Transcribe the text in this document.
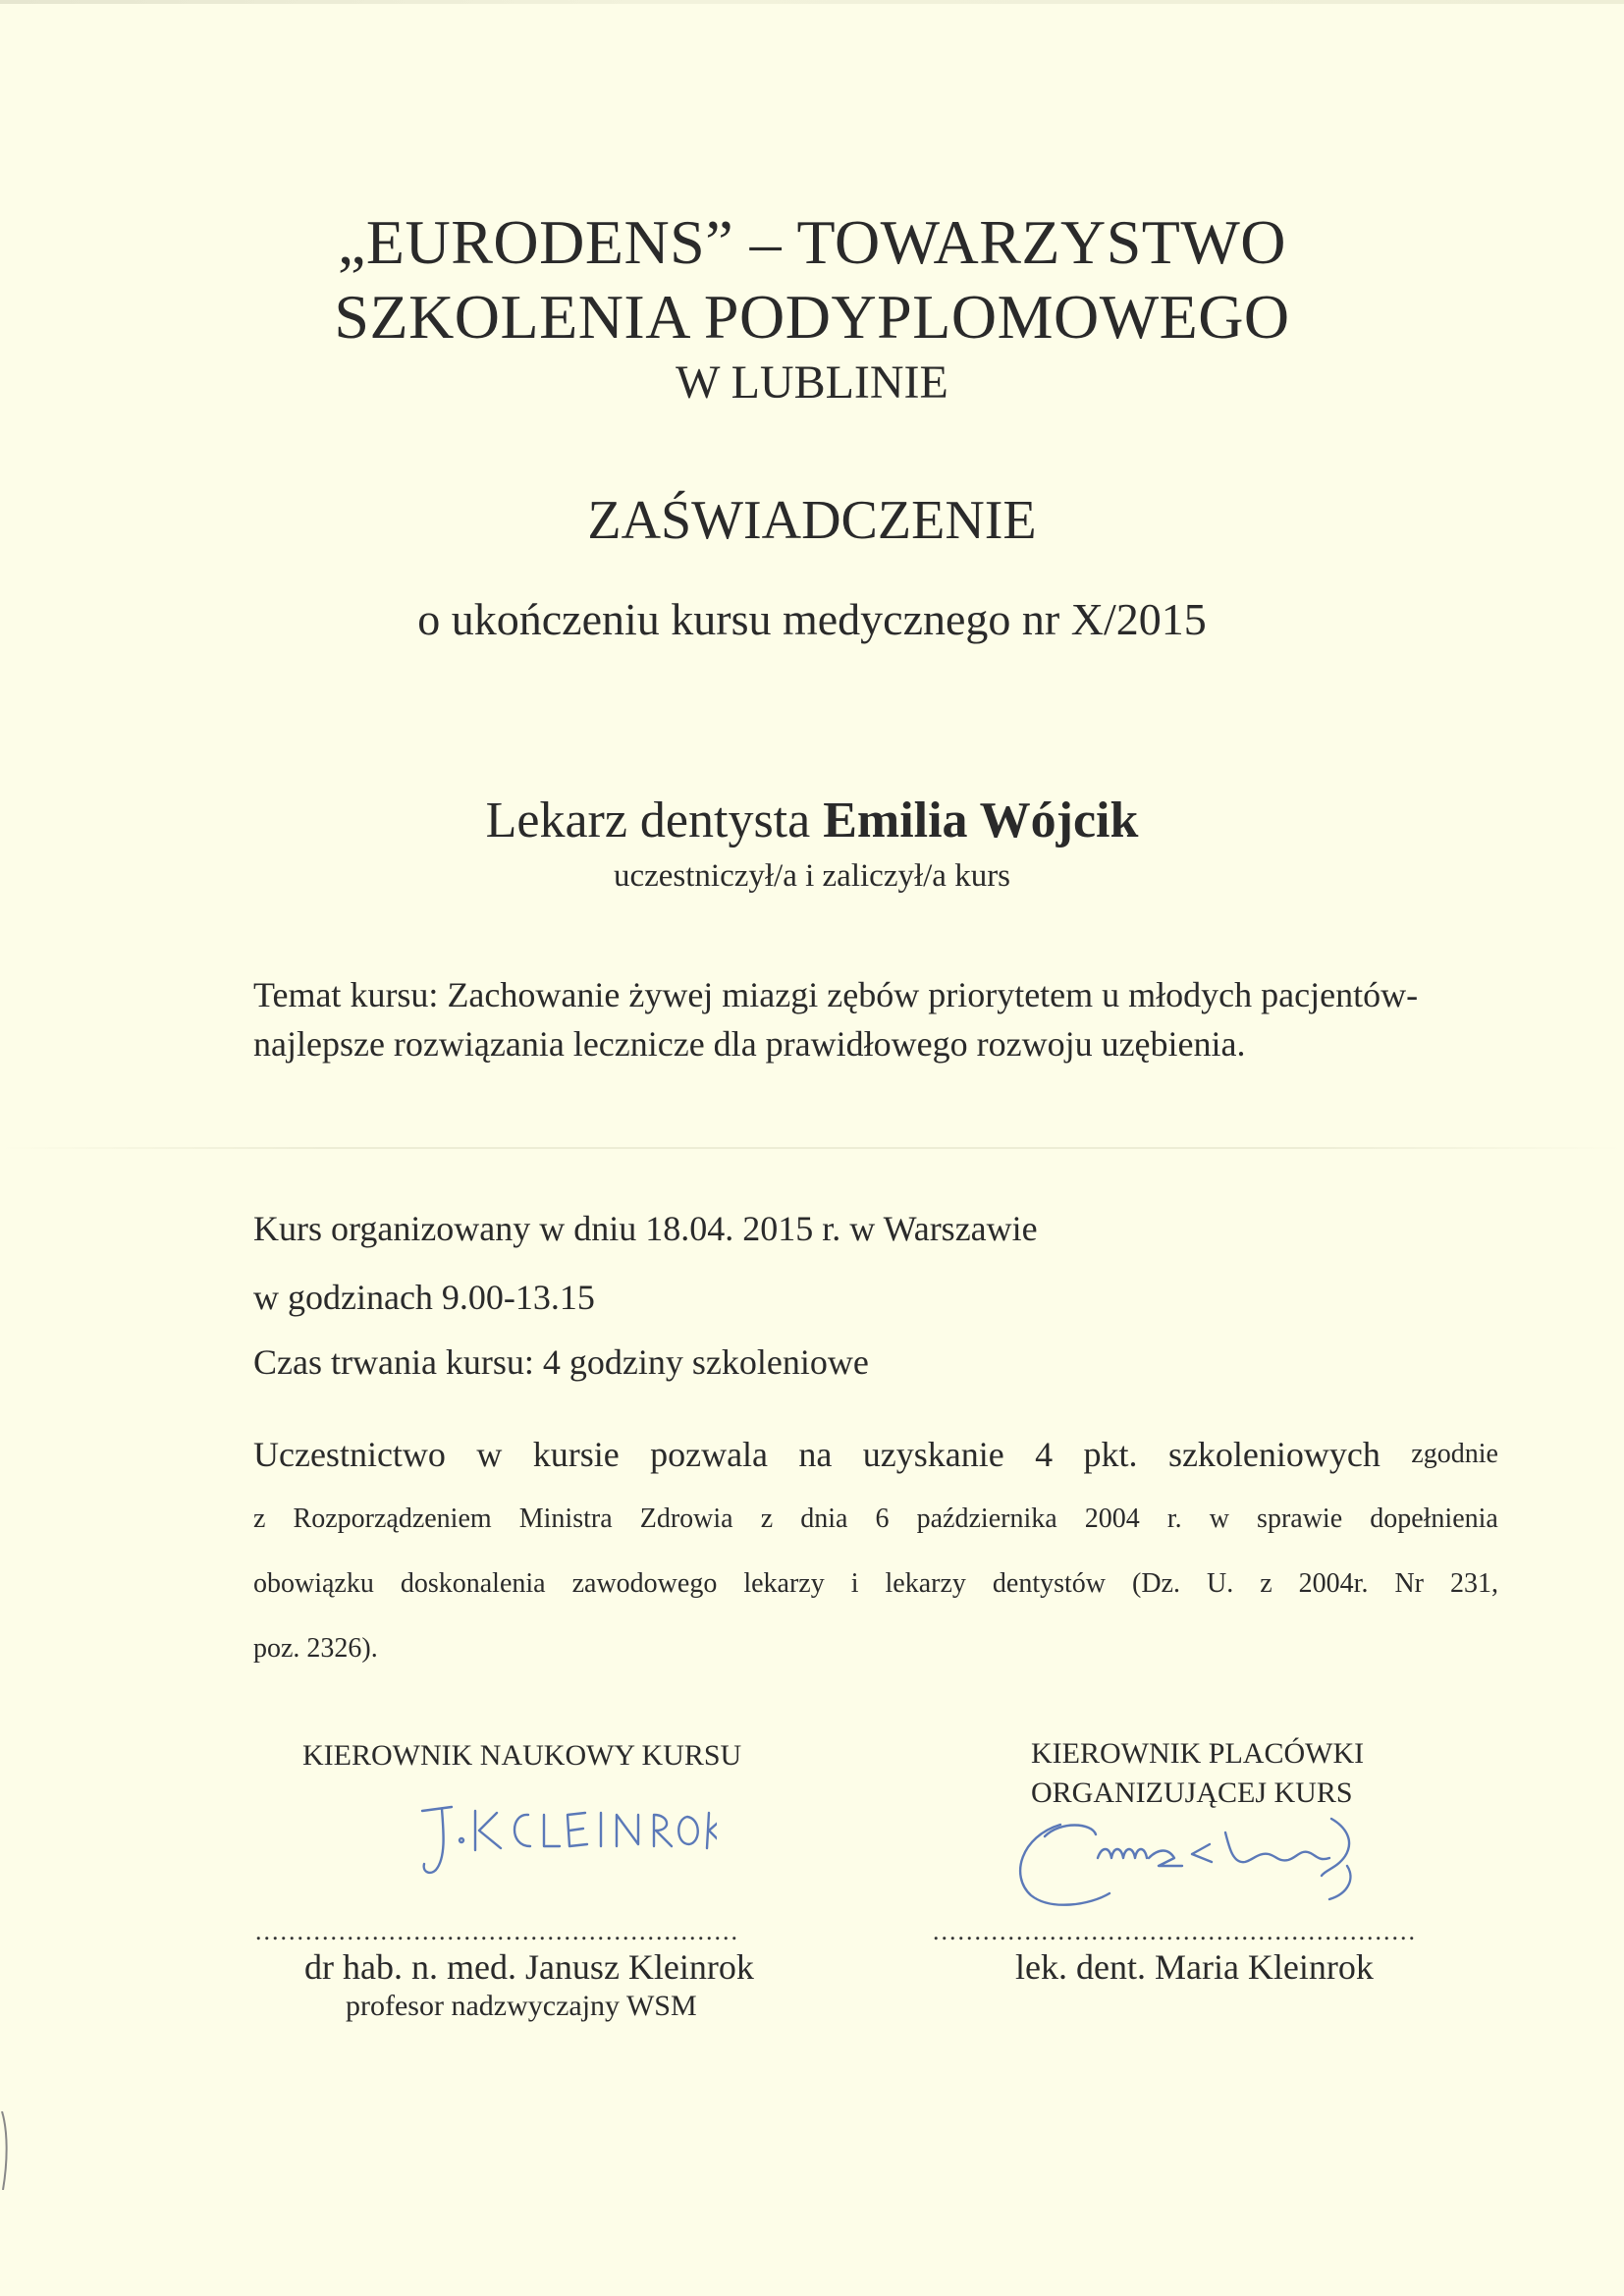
„EURODENS” – TOWARZYSTWO
SZKOLENIA PODYPLOMOWEGO
W LUBLINIE
ZAŚWIADCZENIE
o ukończeniu kursu medycznego nr X/2015
Lekarz dentysta Emilia Wójcik
uczestniczył/a i zaliczył/a kurs
Temat kursu: Zachowanie żywej miazgi zębów priorytetem u młodych pacjentów- najlepsze rozwiązania lecznicze dla prawidłowego rozwoju uzębienia.
Kurs organizowany w dniu 18.04. 2015 r. w Warszawie
w godzinach 9.00-13.15
Czas trwania kursu: 4 godziny szkoleniowe
Uczestnictwo w kursie pozwala na uzyskanie 4 pkt. szkoleniowych zgodnie
z Rozporządzeniem Ministra Zdrowia z dnia 6 października 2004 r. w sprawie dopełnienia
obowiązku doskonalenia zawodowego lekarzy i lekarzy dentystów (Dz. U. z 2004r. Nr 231,
poz. 2326).
KIEROWNIK NAUKOWY KURSU	KIEROWNIK PLACÓWKI
ORGANIZUJĄCEJ KURS
..........................................................	..........................................................
dr hab. n. med. Janusz Kleinrok
profesor nadzwyczajny WSM
lek. dent. Maria Kleinrok
